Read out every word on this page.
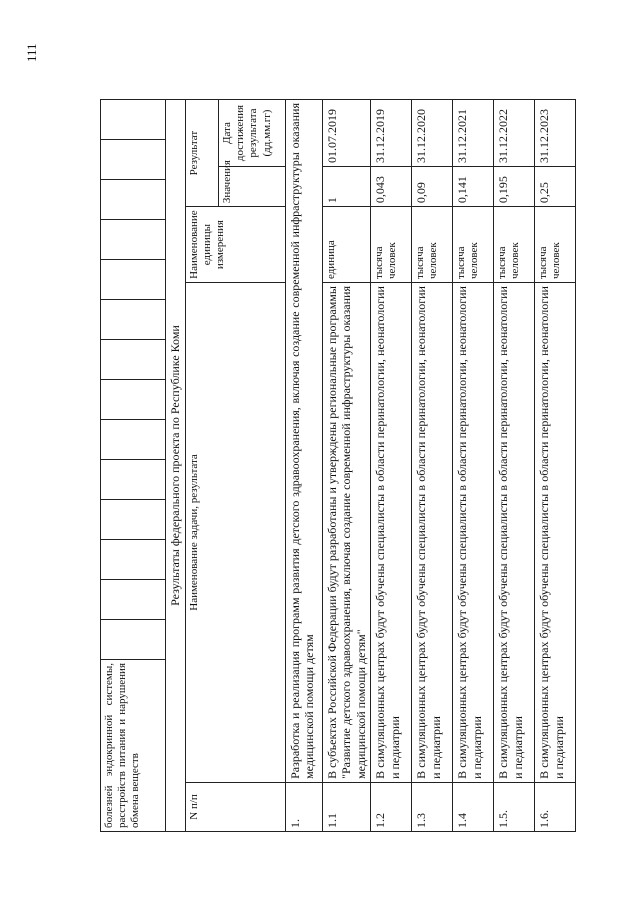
111
болезней эндокринной системы, расстройств питания и нарушения обмена веществ														
Результаты федерального проекта по Республике Коми				
N п/п	Наименование задачи, результата	Наименование единицы измерения	Результат	
			Значения	Дата достижения результата (дд.мм.гг)
1.	Разработка и реализация программ развития детского здравоохранения, включая создание современной инфраструктуры оказания медицинской помощи детям			
1.1	В субъектах Российской Федерации будут разработаны и утверждены региональные программы "Развитие детского здравоохранения, включая создание современной инфраструктуры оказания медицинской помощи детям"	единица	1	01.07.2019
1.2	В симуляционных центрах будут обучены специалисты в области перинатологии, неонатологии и педиатрии	тысяча человек	0,043	31.12.2019
1.3	В симуляционных центрах будут обучены специалисты в области перинатологии, неонатологии и педиатрии	тысяча человек	0,09	31.12.2020
1.4	В симуляционных центрах будут обучены специалисты в области перинатологии, неонатологии и педиатрии	тысяча человек	0,141	31.12.2021
1.5.	В симуляционных центрах будут обучены специалисты в области перинатологии, неонатологии и педиатрии	тысяча человек	0,195	31.12.2022
1.6.	В симуляционных центрах будут обучены специалисты в области перинатологии, неонатологии и педиатрии	тысяча человек	0,25	31.12.2023
